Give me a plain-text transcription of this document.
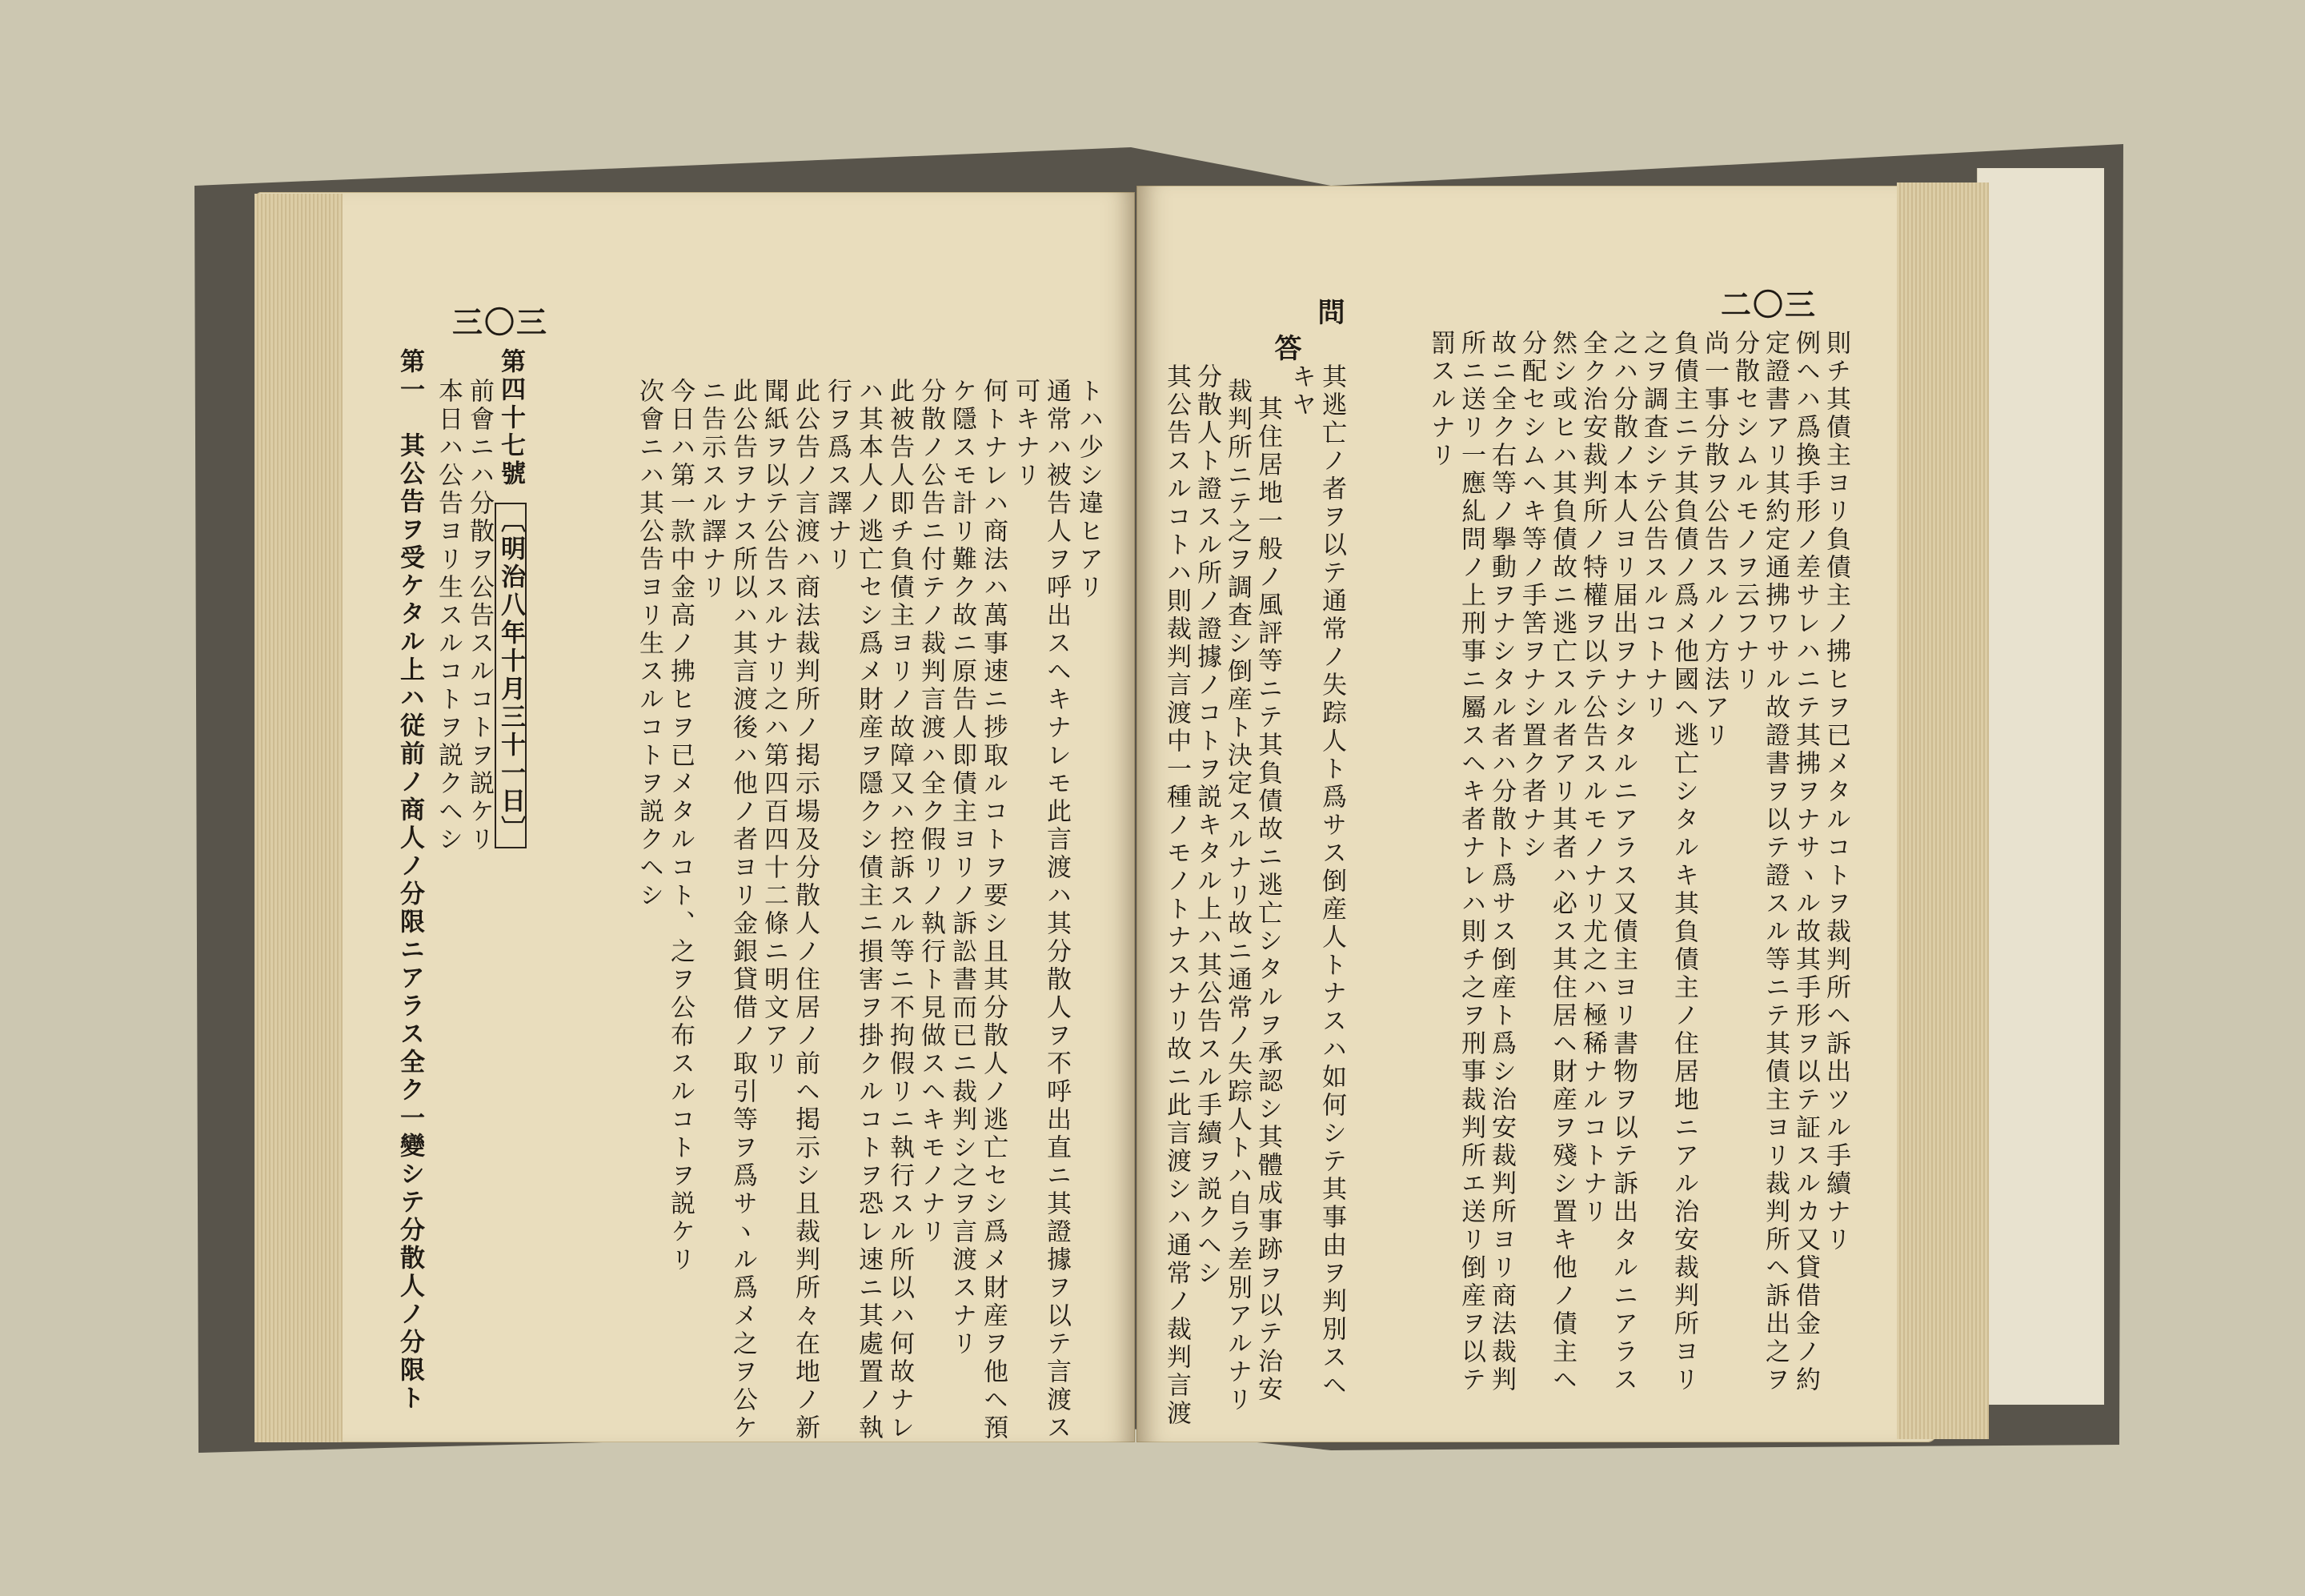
三〇三
トハ少シ違ヒアリ
通常ハ被告人ヲ呼出スヘキナレモ此言渡ハ其分散人ヲ不呼出直ニ其證據ヲ以テ言渡ス
可キナリ
何トナレハ商法ハ萬事速ニ捗取ルコトヲ要シ且其分散人ノ逃亡セシ爲メ財産ヲ他ヘ預
ケ隱スモ計リ難ク故ニ原告人即債主ヨリノ訴訟書而已ニ裁判シ之ヲ言渡スナリ
分散ノ公告ニ付テノ裁判言渡ハ全ク假リノ執行ト見做スヘキモノナリ
此被告人即チ負債主ヨリノ故障又ハ控訴スル等ニ不拘假リニ執行スル所以ハ何故ナレ
ハ其本人ノ逃亡セシ爲メ財産ヲ隱クシ債主ニ損害ヲ掛クルコトヲ恐レ速ニ其處置ノ執
行ヲ爲ス譯ナリ
此公告ノ言渡ハ商法裁判所ノ掲示場及分散人ノ住居ノ前ヘ掲示シ且裁判所々在地ノ新
聞紙ヲ以テ公告スルナリ之ハ第四百四十二條ニ明文アリ
此公告ヲナス所以ハ其言渡後ハ他ノ者ヨリ金銀貸借ノ取引等ヲ爲サヽル爲メ之ヲ公ケ
ニ告示スル譯ナリ
今日ハ第一款中金高ノ拂ヒヲ已メタルコト、之ヲ公布スルコトヲ説ケリ
次會ニハ其公告ヨリ生スルコトヲ説クヘシ
第四十七號〔明治八年十月三十一日〕
前會ニハ分散ヲ公告スルコトヲ説ケリ
本日ハ公告ヨリ生スルコトヲ説クヘシ
第一　其公告ヲ受ケタル上ハ従前ノ商人ノ分限ニアラス全ク一變シテ分散人ノ分限ト
二〇三
則チ其債主ヨリ負債主ノ拂ヒヲ已メタルコトヲ裁判所ヘ訴出ツル手續ナリ
例ヘハ爲換手形ノ差サレハニテ其拂ヲナサヽル故其手形ヲ以テ証スルカ又貸借金ノ約
定證書アリ其約定通拂ワサル故證書ヲ以テ證スル等ニテ其債主ヨリ裁判所ヘ訴出之ヲ
分散セシムルモノヲ云フナリ
尚一事分散ヲ公告スルノ方法アリ
負債主ニテ其負債ノ爲メ他國ヘ逃亡シタルキ其負債主ノ住居地ニアル治安裁判所ヨリ
之ヲ調査シテ公告スルコトナリ
之ハ分散ノ本人ヨリ届出ヲナシタルニアラス又債主ヨリ書物ヲ以テ訴出タルニアラス
全ク治安裁判所ノ特權ヲ以テ公告スルモノナリ尤之ハ極稀ナルコトナリ
然シ或ヒハ其負債故ニ逃亡スル者アリ其者ハ必ス其住居ヘ財産ヲ殘シ置キ他ノ債主ヘ
分配セシムヘキ等ノ手筈ヲナシ置ク者ナシ
故ニ全ク右等ノ擧動ヲナシタル者ハ分散ト爲サス倒産ト爲シ治安裁判所ヨリ商法裁判
所ニ送リ一應糺問ノ上刑事ニ屬スヘキ者ナレハ則チ之ヲ刑事裁判所エ送リ倒産ヲ以テ
罰スルナリ
問
其逃亡ノ者ヲ以テ通常ノ失踪人ト爲サス倒産人トナスハ如何シテ其事由ヲ判別スヘ
キヤ
答
其住居地一般ノ風評等ニテ其負債故ニ逃亡シタルヲ承認シ其體成事跡ヲ以テ治安
裁判所ニテ之ヲ調査シ倒産ト決定スルナリ故ニ通常ノ失踪人トハ自ラ差別アルナリ
分散人ト證スル所ノ證據ノコトヲ説キタル上ハ其公告スル手續ヲ説クヘシ
其公告スルコトハ則裁判言渡中一種ノモノトナスナリ故ニ此言渡シハ通常ノ裁判言渡
